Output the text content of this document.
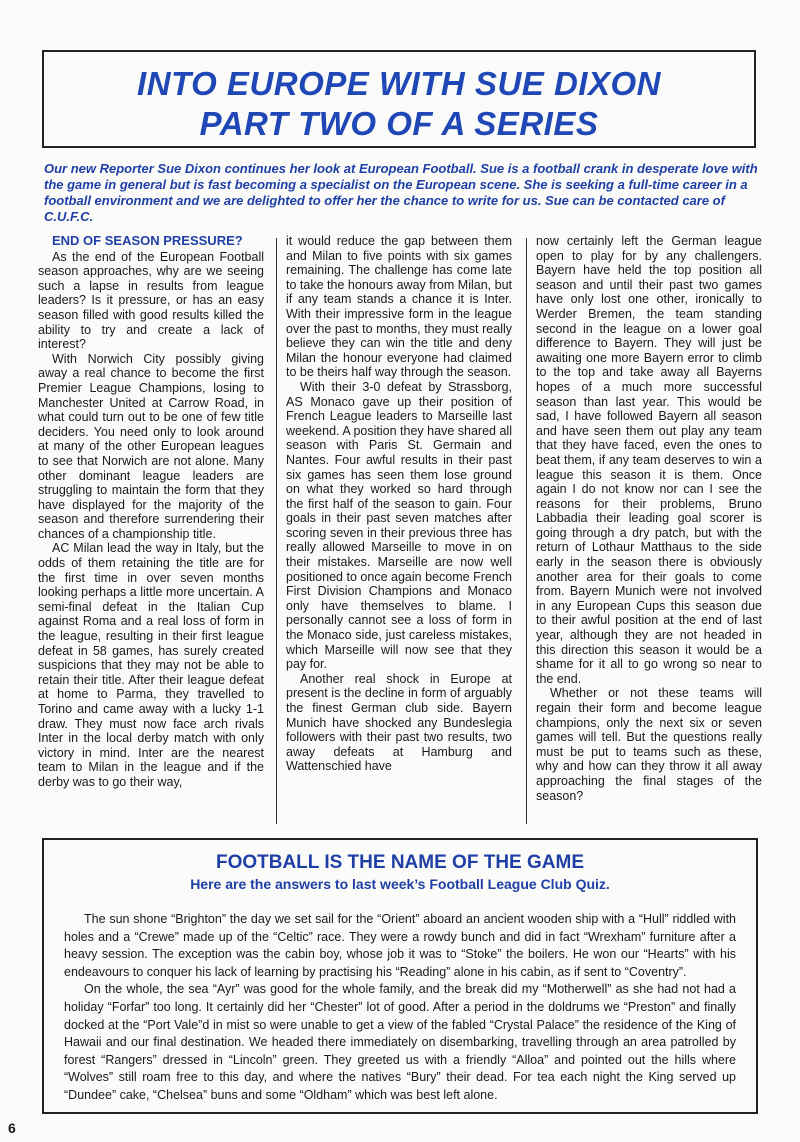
INTO EUROPE WITH SUE DIXON
PART TWO OF A SERIES
Our new Reporter Sue Dixon continues her look at European Football. Sue is a football crank in desperate love with the game in general but is fast becoming a specialist on the European scene. She is seeking a full-time career in a football environment and we are delighted to offer her the chance to write for us. Sue can be contacted care of C.U.F.C.
END OF SEASON PRESSURE?

As the end of the European Football season approaches, why are we seeing such a lapse in results from league leaders? Is it pressure, or has an easy season filled with good results killed the ability to try and create a lack of interest?

With Norwich City possibly giving away a real chance to become the first Premier League Champions, losing to Manchester United at Carrow Road, in what could turn out to be one of few title deciders. You need only to look around at many of the other European leagues to see that Norwich are not alone. Many other dominant league leaders are struggling to maintain the form that they have displayed for the majority of the season and therefore surrendering their chances of a championship title.

AC Milan lead the way in Italy, but the odds of them retaining the title are for the first time in over seven months looking perhaps a little more uncertain. A semi-final defeat in the Italian Cup against Roma and a real loss of form in the league, resulting in their first league defeat in 58 games, has surely created suspicions that they may not be able to retain their title. After their league defeat at home to Parma, they travelled to Torino and came away with a lucky 1-1 draw. They must now face arch rivals Inter in the local derby match with only victory in mind. Inter are the nearest team to Milan in the league and if the derby was to go their way,

it would reduce the gap between them and Milan to five points with six games remaining. The challenge has come late to take the honours away from Milan, but if any team stands a chance it is Inter. With their impressive form in the league over the past to months, they must really believe they can win the title and deny Milan the honour everyone had claimed to be theirs half way through the season.

With their 3-0 defeat by Strassborg, AS Monaco gave up their position of French League leaders to Marseille last weekend. A position they have shared all season with Paris St. Germain and Nantes. Four awful results in their past six games has seen them lose ground on what they worked so hard through the first half of the season to gain. Four goals in their past seven matches after scoring seven in their previous three has really allowed Marseille to move in on their mistakes. Marseille are now well positioned to once again become French First Division Champions and Monaco only have themselves to blame. I personally cannot see a loss of form in the Monaco side, just careless mistakes, which Marseille will now see that they pay for.

Another real shock in Europe at present is the decline in form of arguably the finest German club side. Bayern Munich have shocked any Bundeslegia followers with their past two results, two away defeats at Hamburg and Wattenschied have

now certainly left the German league open to play for by any challengers. Bayern have held the top position all season and until their past two games have only lost one other, ironically to Werder Bremen, the team standing second in the league on a lower goal difference to Bayern. They will just be awaiting one more Bayern error to climb to the top and take away all Bayerns hopes of a much more successful season than last year. This would be sad, I have followed Bayern all season and have seen them out play any team that they have faced, even the ones to beat them, if any team deserves to win a league this season it is them. Once again I do not know nor can I see the reasons for their problems, Bruno Labbadia their leading goal scorer is going through a dry patch, but with the return of Lothaur Matthaus to the side early in the season there is obviously another area for their goals to come from. Bayern Munich were not involved in any European Cups this season due to their awful position at the end of last year, although they are not headed in this direction this season it would be a shame for it all to go wrong so near to the end.

Whether or not these teams will regain their form and become league champions, only the next six or seven games will tell. But the questions really must be put to teams such as these, why and how can they throw it all away approaching the final stages of the season?

FOOTBALL IS THE NAME OF THE GAME
Here are the answers to last week’s Football League Club Quiz.

The sun shone “Brighton” the day we set sail for the “Orient” aboard an ancient wooden ship with a “Hull” riddled with holes and a “Crewe” made up of the “Celtic” race. They were a rowdy bunch and did in fact “Wrexham” furniture after a heavy session. The exception was the cabin boy, whose job it was to “Stoke” the boilers. He won our “Hearts” with his endeavours to conquer his lack of learning by practising his “Reading” alone in his cabin, as if sent to “Coventry”.

On the whole, the sea “Ayr” was good for the whole family, and the break did my “Motherwell” as she had not had a holiday “Forfar” too long. It certainly did her “Chester” lot of good. After a period in the doldrums we “Preston” and finally docked at the “Port Vale”d in mist so were unable to get a view of the fabled “Crystal Palace” the residence of the King of Hawaii and our final destination. We headed there immediately on disembarking, travelling through an area patrolled by forest “Rangers” dressed in “Lincoln” green. They greeted us with a friendly “Alloa” and pointed out the hills where “Wolves” still roam free to this day, and where the natives “Bury” their dead. For tea each night the King served up “Dundee” cake, “Chelsea” buns and some “Oldham” which was best left alone.

6
